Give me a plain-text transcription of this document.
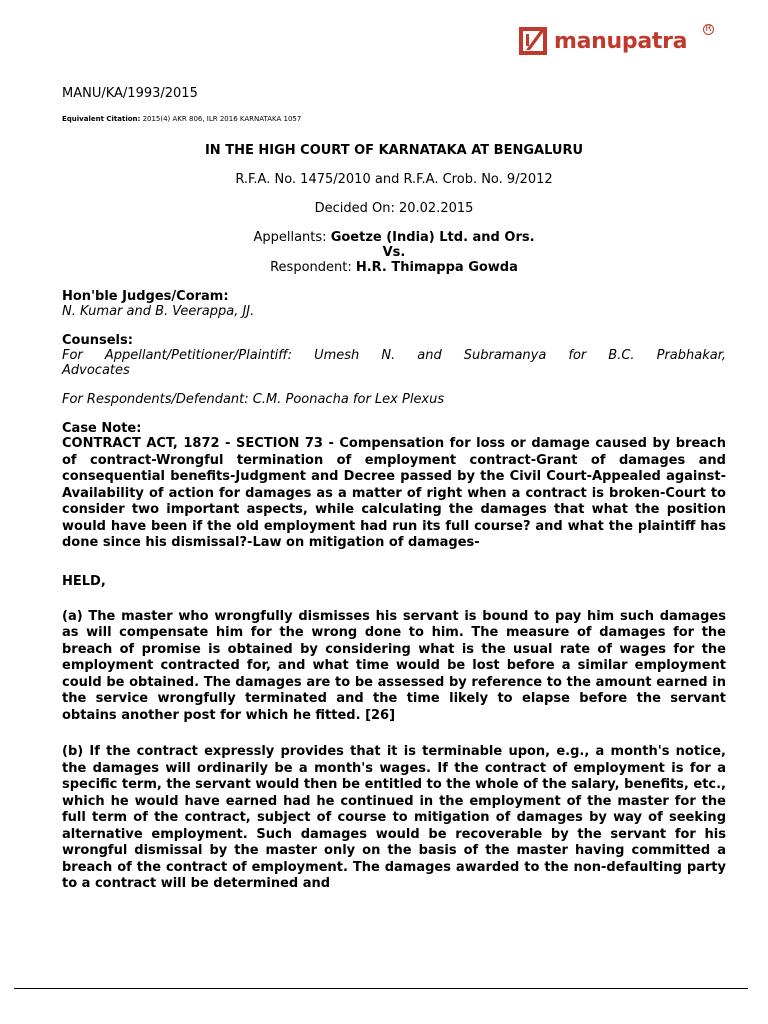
manupatra R

MANU/KA/1993/2015

Equivalent Citation: 2015(4) AKR 806, ILR 2016 KARNATAKA 1057

IN THE HIGH COURT OF KARNATAKA AT BENGALURU

R.F.A. No. 1475/2010 and R.F.A. Crob. No. 9/2012

Decided On: 20.02.2015

Appellants: Goetze (India) Ltd. and Ors.

Vs.

Respondent: H.R. Thimappa Gowda

Hon'ble Judges/Coram:

N. Kumar and B. Veerappa, JJ.

Counsels:

For Appellant/Petitioner/Plaintiff: Umesh N. and Subramanya for B.C. Prabhakar,

Advocates

For Respondents/Defendant: C.M. Poonacha for Lex Plexus

Case Note:

CONTRACT ACT, 1872 - SECTION 73 - Compensation for loss or damage caused by breach of contract-Wrongful termination of employment contract-Grant of damages and consequential benefits-Judgment and Decree passed by the Civil Court-Appealed against-Availability of action for damages as a matter of right when a contract is broken-Court to consider two important aspects, while calculating the damages that what the position would have been if the old employment had run its full course? and what the plaintiff has done since his dismissal?-Law on mitigation of damages-

HELD,

(a) The master who wrongfully dismisses his servant is bound to pay him such damages as will compensate him for the wrong done to him. The measure of damages for the breach of promise is obtained by considering what is the usual rate of wages for the employment contracted for, and what time would be lost before a similar employment could be obtained. The damages are to be assessed by reference to the amount earned in the service wrongfully terminated and the time likely to elapse before the servant obtains another post for which he fitted. [26]

(b) If the contract expressly provides that it is terminable upon, e.g., a month's notice, the damages will ordinarily be a month's wages. If the contract of employment is for a specific term, the servant would then be entitled to the whole of the salary, benefits, etc., which he would have earned had he continued in the employment of the master for the full term of the contract, subject of course to mitigation of damages by way of seeking alternative employment. Such damages would be recoverable by the servant for his wrongful dismissal by the master only on the basis of the master having committed a breach of the contract of employment. The damages awarded to the non-defaulting party to a contract will be determined and
